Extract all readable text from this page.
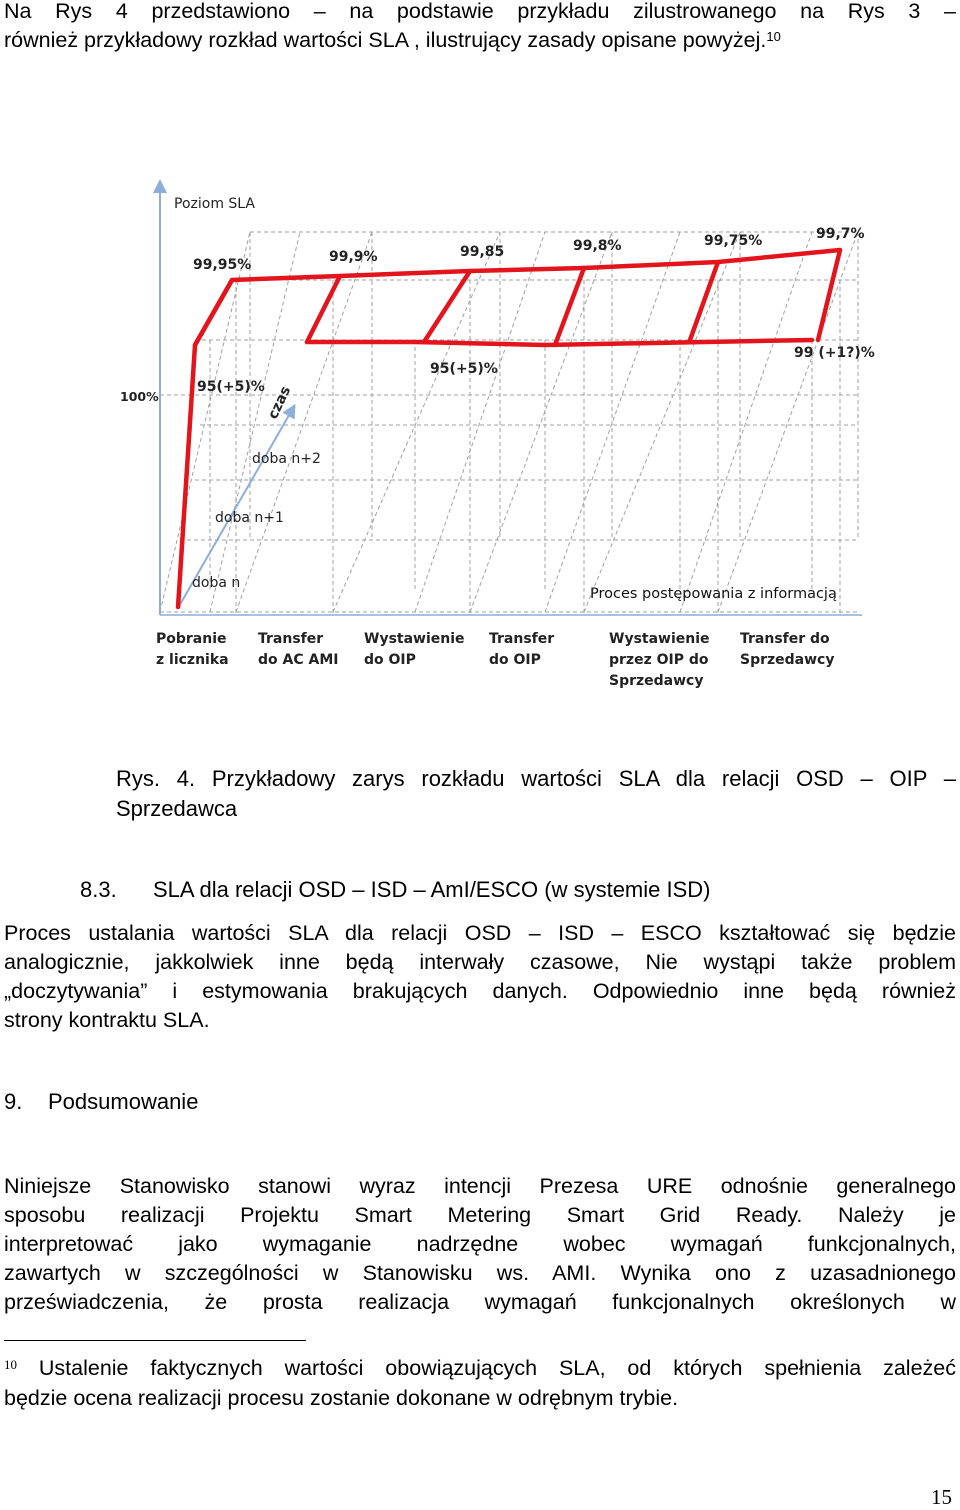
Na Rys 4 przedstawiono – na podstawie przykładu zilustrowanego na Rys 3 –
również przykładowy rozkład wartości SLA , ilustrujący zasady opisane powyżej.$^{10}$
Poziom SLA
99,95%	99,9%	99,85	99,8%	99,75%	99,7%
100%
95(+5)%
95(+5)%
99 (+1?)%
czas
doba n+2
doba n+1
doba n
Proces postępowania z informacją
Pobranie
z licznika
Transfer
do AC AMI
Wystawienie
do OIP
Transfer
do OIP
Wystawienie
przez OIP do
Sprzedawcy
Transfer do
Sprzedawcy
Rys. 4. Przykładowy zarys rozkładu wartości SLA dla relacji OSD – OIP –
Sprzedawca
8.3. SLA dla relacji OSD – ISD – AmI/ESCO (w systemie ISD)
Proces ustalania wartości SLA dla relacji OSD – ISD – ESCO kształtować się będzie
analogicznie, jakkolwiek inne będą interwały czasowe, Nie wystąpi także problem
„doczytywania” i estymowania brakujących danych. Odpowiednio inne będą również
strony kontraktu SLA.
9. Podsumowanie
Niniejsze Stanowisko stanowi wyraz intencji Prezesa URE odnośnie generalnego
sposobu realizacji Projektu Smart Metering Smart Grid Ready. Należy je
interpretować jako wymaganie nadrzędne wobec wymagań funkcjonalnych,
zawartych w szczególności w Stanowisku ws. AMI. Wynika ono z uzasadnionego
przeświadczenia, że prosta realizacja wymagań funkcjonalnych określonych w
$^{10}$ Ustalenie faktycznych wartości obowiązujących SLA, od których spełnienia zależeć
będzie ocena realizacji procesu zostanie dokonane w odrębnym trybie.
15
